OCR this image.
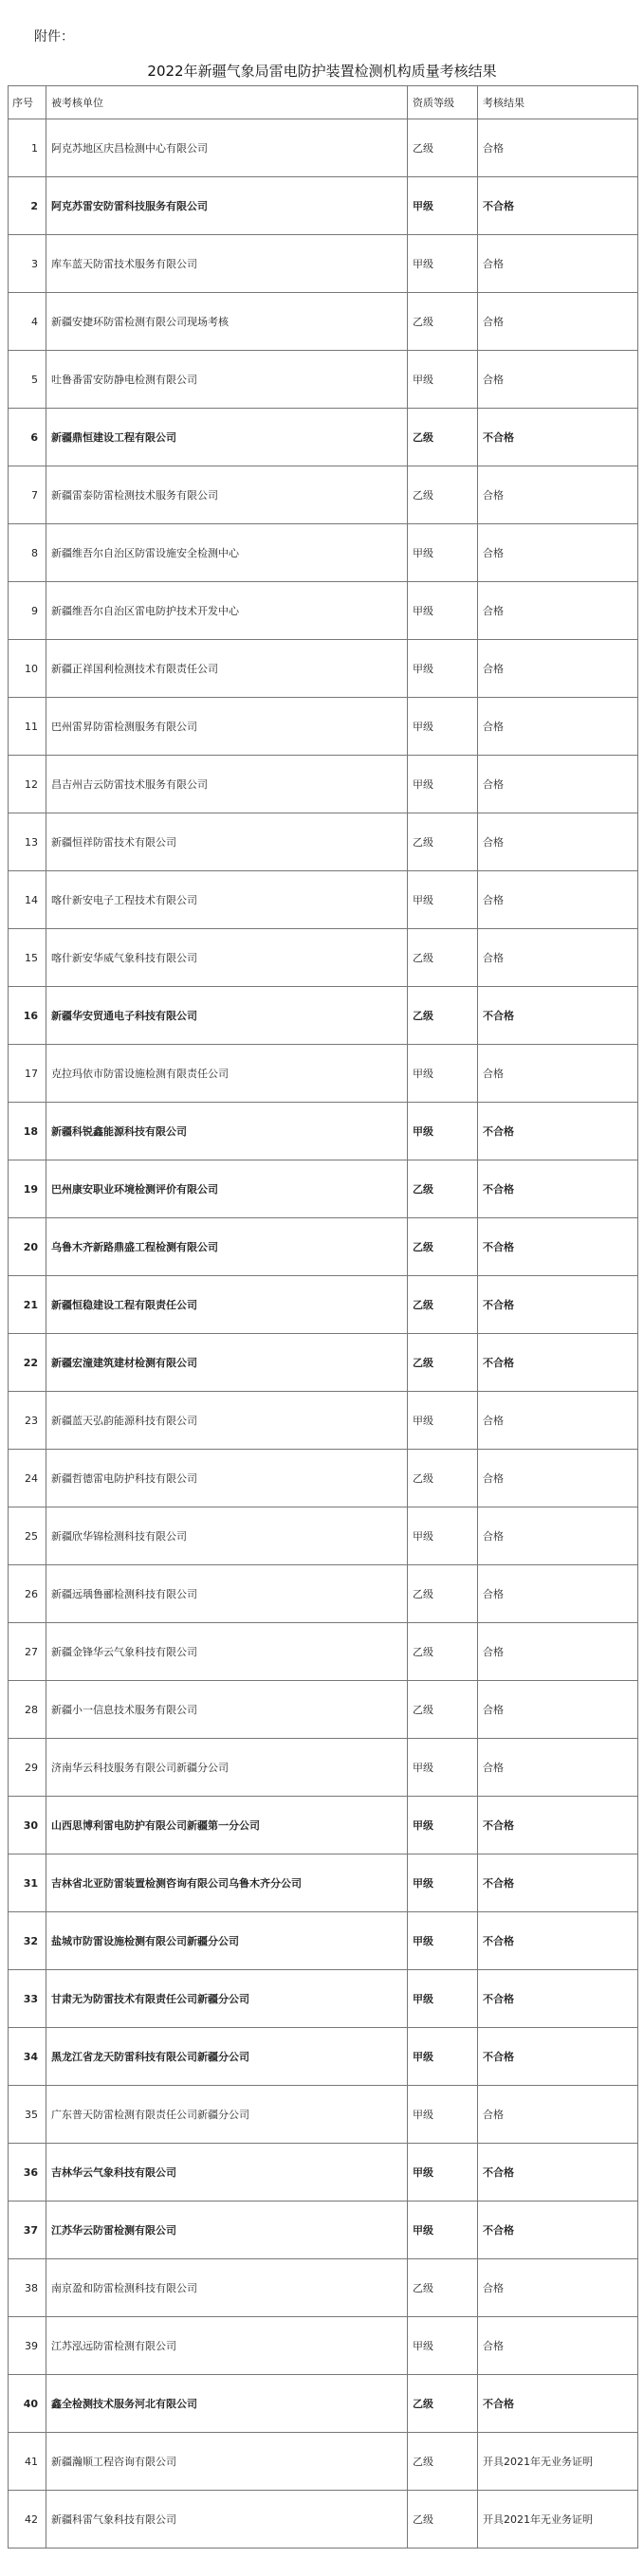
附件：
2022年新疆气象局雷电防护装置检测机构质量考核结果
序号	被考核单位	资质等级	考核结果
1	阿克苏地区庆昌检测中心有限公司	乙级	合格
2	阿克苏雷安防雷科技服务有限公司	甲级	不合格
3	库车蓝天防雷技术服务有限公司	甲级	合格
4	新疆安捷环防雷检测有限公司现场考核	乙级	合格
5	吐鲁番雷安防静电检测有限公司	甲级	合格
6	新疆鼎恒建设工程有限公司	乙级	不合格
7	新疆雷泰防雷检测技术服务有限公司	乙级	合格
8	新疆维吾尔自治区防雷设施安全检测中心	甲级	合格
9	新疆维吾尔自治区雷电防护技术开发中心	甲级	合格
10	新疆正祥国利检测技术有限责任公司	甲级	合格
11	巴州雷昇防雷检测服务有限公司	甲级	合格
12	昌吉州吉云防雷技术服务有限公司	甲级	合格
13	新疆恒祥防雷技术有限公司	乙级	合格
14	喀什新安电子工程技术有限公司	甲级	合格
15	喀什新安华威气象科技有限公司	乙级	合格
16	新疆华安贸通电子科技有限公司	乙级	不合格
17	克拉玛依市防雷设施检测有限责任公司	甲级	合格
18	新疆科锐鑫能源科技有限公司	甲级	不合格
19	巴州康安职业环境检测评价有限公司	乙级	不合格
20	乌鲁木齐新路鼎盛工程检测有限公司	乙级	不合格
21	新疆恒稳建设工程有限责任公司	乙级	不合格
22	新疆宏潼建筑建材检测有限公司	乙级	不合格
23	新疆蓝天弘韵能源科技有限公司	甲级	合格
24	新疆哲德雷电防护科技有限公司	乙级	合格
25	新疆欣华锦检测科技有限公司	甲级	合格
26	新疆远瑀鲁郦检测科技有限公司	乙级	合格
27	新疆金锋华云气象科技有限公司	乙级	合格
28	新疆小一信息技术服务有限公司	乙级	合格
29	济南华云科技服务有限公司新疆分公司	甲级	合格
30	山西思博利雷电防护有限公司新疆第一分公司	甲级	不合格
31	吉林省北亚防雷装置检测咨询有限公司乌鲁木齐分公司	甲级	不合格
32	盐城市防雷设施检测有限公司新疆分公司	甲级	不合格
33	甘肃无为防雷技术有限责任公司新疆分公司	甲级	不合格
34	黑龙江省龙天防雷科技有限公司新疆分公司	甲级	不合格
35	广东普天防雷检测有限责任公司新疆分公司	甲级	合格
36	吉林华云气象科技有限公司	甲级	不合格
37	江苏华云防雷检测有限公司	甲级	不合格
38	南京盈和防雷检测科技有限公司	乙级	合格
39	江苏泓远防雷检测有限公司	甲级	合格
40	鑫全检测技术服务河北有限公司	乙级	不合格
41	新疆瀚顺工程咨询有限公司	乙级	开具2021年无业务证明
42	新疆科雷气象科技有限公司	乙级	开具2021年无业务证明
